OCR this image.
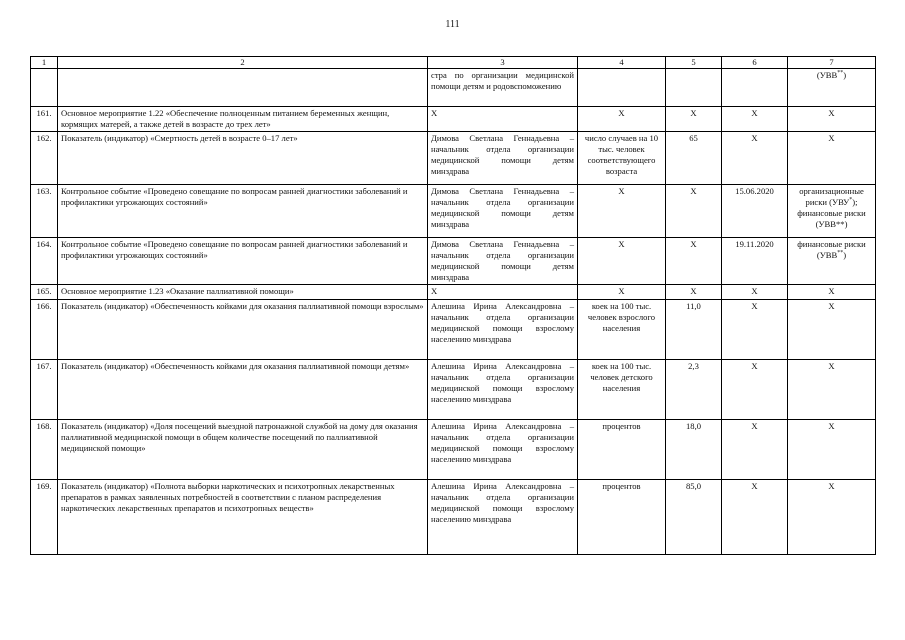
111
1	2	3	4	5	6	7
		стра по организации медицинской помощи детям и родовспоможению				(УВВ**)
161.	Основное мероприятие 1.22 «Обеспечение полноценным питанием беременных женщин, кормящих матерей, а также детей в возрасте до трех лет»	Х	Х	Х	Х	Х
162.	Показатель (индикатор) «Смертность детей в возрасте 0–17 лет»	Димова Светлана Геннадьевна – начальник отдела организации медицинской помощи детям минздрава	число случаев на 10 тыс. человек соответствующего возраста	65	Х	Х
163.	Контрольное событие «Проведено совещание по вопросам ранней диагностики заболеваний и профилактики угрожающих состояний»	Димова Светлана Геннадьевна – начальник отдела организации медицинской помощи детям минздрава	Х	Х	15.06.2020	организационные риски (УВУ*); финансовые риски (УВВ**)
164.	Контрольное событие «Проведено совещание по вопросам ранней диагностики заболеваний и профилактики угрожающих состояний»	Димова Светлана Геннадьевна – начальник отдела организации медицинской помощи детям минздрава	Х	Х	19.11.2020	финансовые риски (УВВ**)
165.	Основное мероприятие 1.23 «Оказание паллиативной помощи»	Х	Х	Х	Х	Х
166.	Показатель (индикатор) «Обеспеченность койками для оказания паллиативной помощи взрослым»	Алешина Ирина Александровна – начальник отдела организации медицинской помощи взрослому населению минздрава	коек на 100 тыс. человек взрослого населения	11,0	Х	Х
167.	Показатель (индикатор) «Обеспеченность койками для оказания паллиативной помощи детям»	Алешина Ирина Александровна – начальник отдела организации медицинской помощи взрослому населению минздрава	коек на 100 тыс. человек детского населения	2,3	Х	Х
168.	Показатель (индикатор) «Доля посещений выездной патронажной службой на дому для оказания паллиативной медицинской помощи в общем количестве посещений по паллиативной медицинской помощи»	Алешина Ирина Александровна – начальник отдела организации медицинской помощи взрослому населению минздрава	процентов	18,0	Х	Х
169.	Показатель (индикатор) «Полнота выборки наркотических и психотропных лекарственных препаратов в рамках заявленных потребностей в соответствии с планом распределения наркотических лекарственных препаратов и психотропных веществ»	Алешина Ирина Александровна – начальник отдела организации медицинской помощи взрослому населению минздрава	процентов	85,0	Х	Х
